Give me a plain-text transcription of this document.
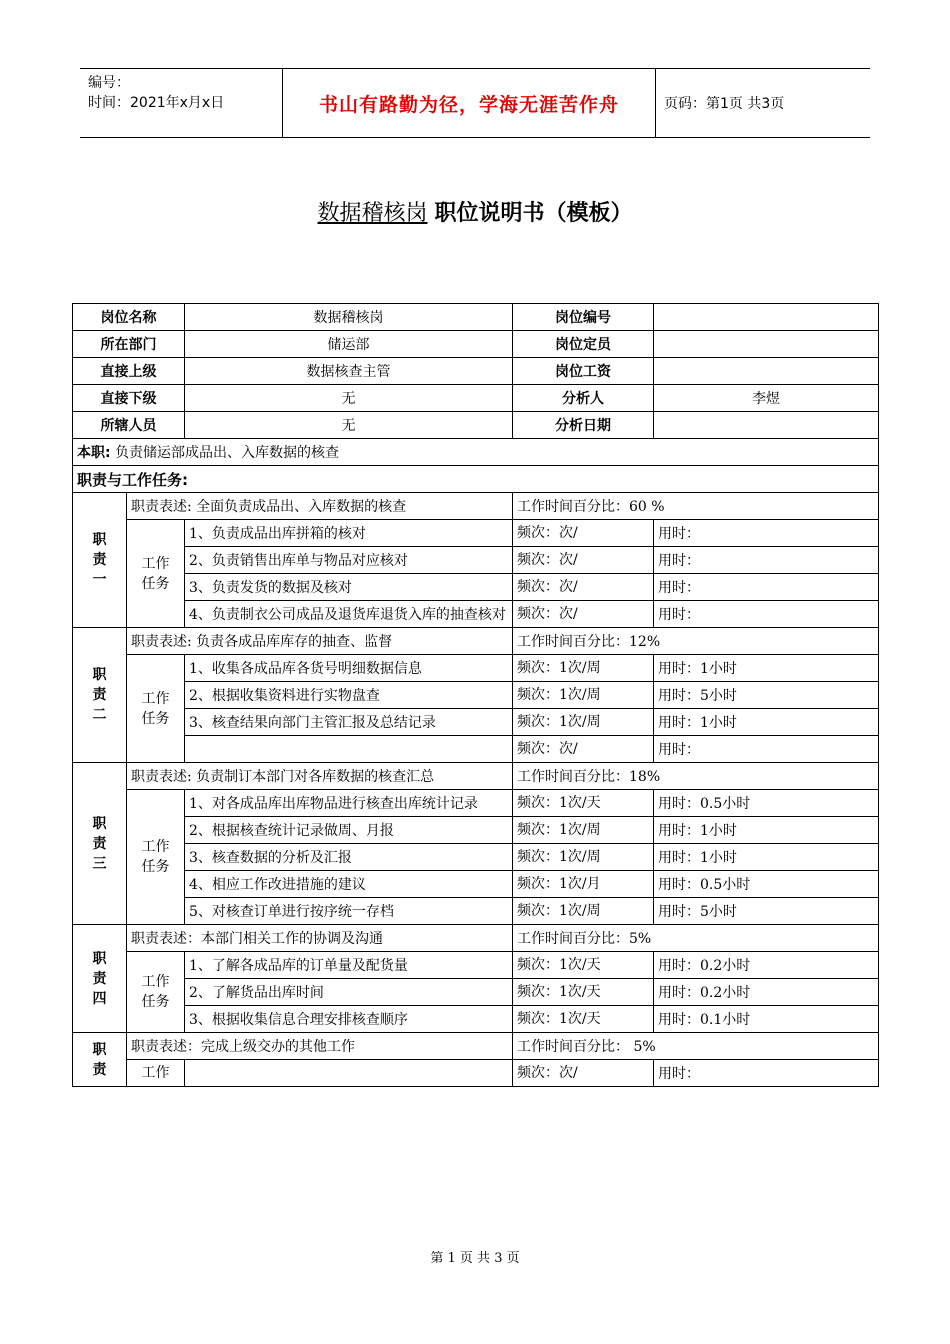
编号：
时间：2021年x月x日	书山有路勤为径，学海无涯苦作舟	页码：第1页 共3页
数据稽核岗 职位说明书（模板）
岗位名称		数据稽核岗	岗位编号	
所在部门		储运部	岗位定员	
直接上级		数据核查主管	岗位工资	
直接下级		无	分析人	李煜
所辖人员		无	分析日期	
本职: 负责储运部成品出、入库数据的核查				
职责与工作任务:				

职责一	职责表述: 全面负责成品出、入库数据的核查		工作时间百分比：60 %	

	工作任务	1、负责成品出库拼箱的核对	频次：次/	用时：
		2、负责销售出库单与物品对应核对	频次：次/	用时：
		3、负责发货的数据及核对	频次：次/	用时：
		4、负责制衣公司成品及退货库退货入库的抽查核对	频次：次/	用时：

职责二	职责表述: 负责各成品库库存的抽查、监督		工作时间百分比：12%	

	工作任务	1、收集各成品库各货号明细数据信息	频次：1次/周	用时：1小时
		2、根据收集资料进行实物盘查	频次：1次/周	用时：5小时
		3、核查结果向部门主管汇报及总结记录	频次：1次/周	用时：1小时
			频次：次/	用时：

职责三	职责表述: 负责制订本部门对各库数据的核查汇总		工作时间百分比：18%	

	工作任务	1、对各成品库出库物品进行核查出库统计记录	频次：1次/天	用时：0.5小时
		2、根据核查统计记录做周、月报	频次：1次/周	用时：1小时
		3、核查数据的分析及汇报	频次：1次/周	用时：1小时
		4、相应工作改进措施的建议	频次：1次/月	用时：0.5小时
		5、对核查订单进行按序统一存档	频次：1次/周	用时：5小时

职责四	职责表述：本部门相关工作的协调及沟通		工作时间百分比：5%	

	工作任务	1、了解各成品库的订单量及配货量	频次：1次/天	用时：0.2小时
		2、了解货品出库时间	频次：1次/天	用时：0.2小时
		3、根据收集信息合理安排核查顺序	频次：1次/天	用时：0.1小时

职责	职责表述：完成上级交办的其他工作		工作时间百分比： 5%	
	工作		频次：次/	用时：
第 1 页 共 3 页
